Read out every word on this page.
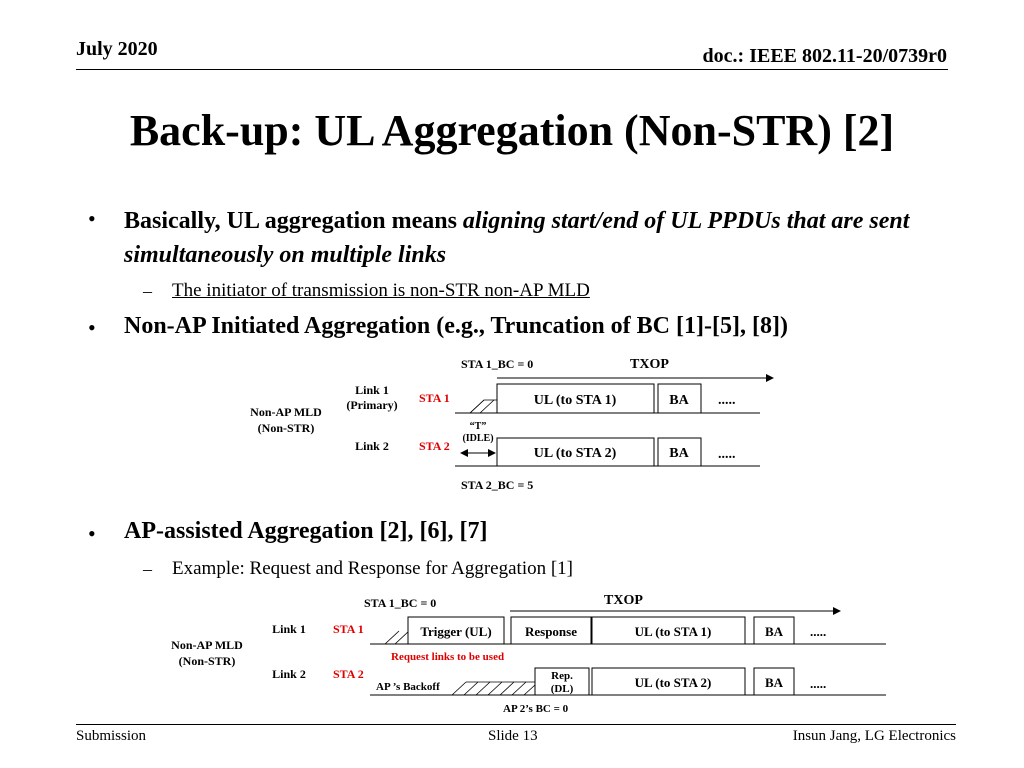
July 2020	doc.: IEEE 802.11-20/0739r0
Back-up: UL Aggregation (Non-STR) [2]
• Basically, UL aggregation means aligning start/end of UL PPDUs that are sent simultaneously on multiple links
– The initiator of transmission is non-STR non-AP MLD
• Non-AP Initiated Aggregation (e.g., Truncation of BC [1]-[5], [8])
STA 1_BC = 0	TXOP
Link 1
(Primary)
Non-AP MLD
(Non-STR)
STA 1	UL (to STA 1)	BA .....
“T”
(IDLE)
Link 2	STA 2	UL (to STA 2)	BA .....
STA 2_BC = 5
• AP-assisted Aggregation [2], [6], [7]
– Example: Request and Response for Aggregation [1]
STA 1_BC = 0	TXOP
Link 1 STA 1
Non-AP MLD
(Non-STR)
Trigger (UL)	Response	UL (to STA 1)	BA .....
Request links to be used
Link 2 STA 2
AP ’s Backoff
Rep.
(DL)	UL (to STA 2)	BA .....
AP 2’s BC = 0
Submission	Slide 13	Insun Jang, LG Electronics
